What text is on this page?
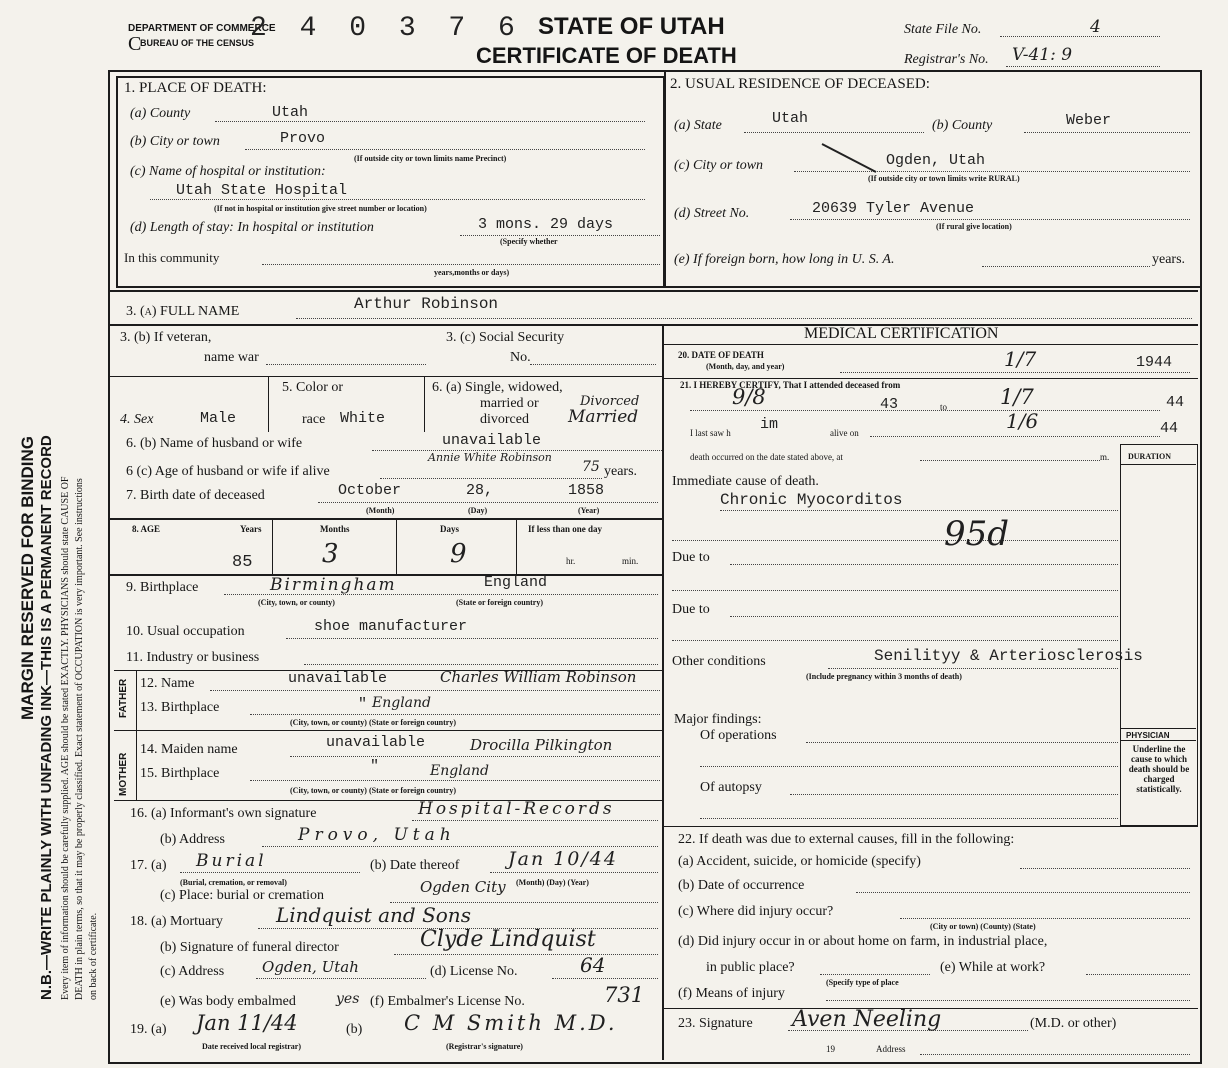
MARGIN RESERVED FOR BINDING N.B.—WRITE PLAINLY WITH UNFADING INK—THIS IS A PERMANENT RECORD Every item of information should be carefully supplied. AGE should be stated EXACTLY. PHYSICIANS should state CAUSE OF DEATH in plain terms, so that it may be properly classified. Exact statement of OCCUPATION is very important. See instructions on back of certificate.
DEPARTMENT OF COMMERCE
BUREAU OF THE CENSUS
C	2 4 0 3 7 6 STATE OF UTAH
CERTIFICATE OF DEATH
State File No.	4
Registrar's No. V-41: 9
1. PLACE OF DEATH:
(a) County	Utah
(b) City or town	Provo
(If outside city or town limits name Precinct)
(c) Name of hospital or institution:
Utah State Hospital
(If not in hospital or institution give street number or location)
(d) Length of stay: In hospital or institution	3 mons. 29 days
(Specify whether
In this community
years,months or days)
2. USUAL RESIDENCE OF DECEASED:
(a) State	Utah	(b) County	Weber
(c) City or town	Ogden, Utah
(If outside city or town limits write RURAL)
(d) Street No.	20639 Tyler Avenue
(If rural give location)
(e) If foreign born, how long in U. S. A.	years.
3. (a) FULL NAME	Arthur Robinson
3. (b) If veteran,
name war
3. (c) Social Security
No.
4. Sex	Male
5. Color or
race White
6. (a) Single, widowed,
married or
divorced
Divorced
Married
6. (b) Name of husband or wife	unavailable
Annie White Robinson
6 (c) Age of husband or wife if alive	75 years.
7. Birth date of deceased	October	28,	1858
(Month)	(Day)	(Year)
8. AGE	Years	Months	Days	If less than one day
hr.	min.
85	3	9
9. Birthplace	Birmingham	England
(City, town, or county)	(State or foreign country)
10. Usual occupation	shoe manufacturer
11. Industry or business
FATHER
MOTHER
12. Name	unavailable	Charles William Robinson
13. Birthplace	" England
(City, town, or county) (State or foreign country)
14. Maiden name	unavailable	Drocilla Pilkington
15. Birthplace	"	England
(City, town, or county) (State or foreign country)
16. (a) Informant's own signature	Hospital-Records
(b) Address	Provo, Utah
17. (a) Burial
(Burial, cremation, or removal)
(b) Date thereof	Jan 10/44
(Month) (Day) (Year)
(c) Place: burial or cremation	Ogden City
18. (a) Mortuary	Lindquist and Sons
(b) Signature of funeral director	Clyde Lindquist
(c) Address	Ogden, Utah	(d) License No.	64
(e) Was body embalmed	yes (f) Embalmer's License No.	731
19. (a) Jan 11/44
Date received local registrar)
(b) C M Smith M.D.
(Registrar's signature)
MEDICAL CERTIFICATION
20. DATE OF DEATH
(Month, day, and year)	1/7	1944
21. I HEREBY CERTIFY, That I attended deceased from
9/8	43	to	1/7	44
I last saw h im	alive on	1/6	44
DURATION
death occurred on the date stated above, at	m.
Immediate cause of death.
Chronic Myocorditos
95d
Due to
Due to
Other conditions	Senilityy & Arteriosclerosis
(Include pregnancy within 3 months of death)
Major findings:
Of operations
Of autopsy
PHYSICIAN
Underline the cause to which death should be charged statistically.
22. If death was due to external causes, fill in the following:
(a) Accident, suicide, or homicide (specify)
(b) Date of occurrence
(c) Where did injury occur?
(City or town) (County) (State)
(d) Did injury occur in or about home on farm, in industrial place,
in public place?
(Specify type of place
(e) While at work?
(f) Means of injury
23. Signature Aven Neeling	(M.D. or other)
19	Address
